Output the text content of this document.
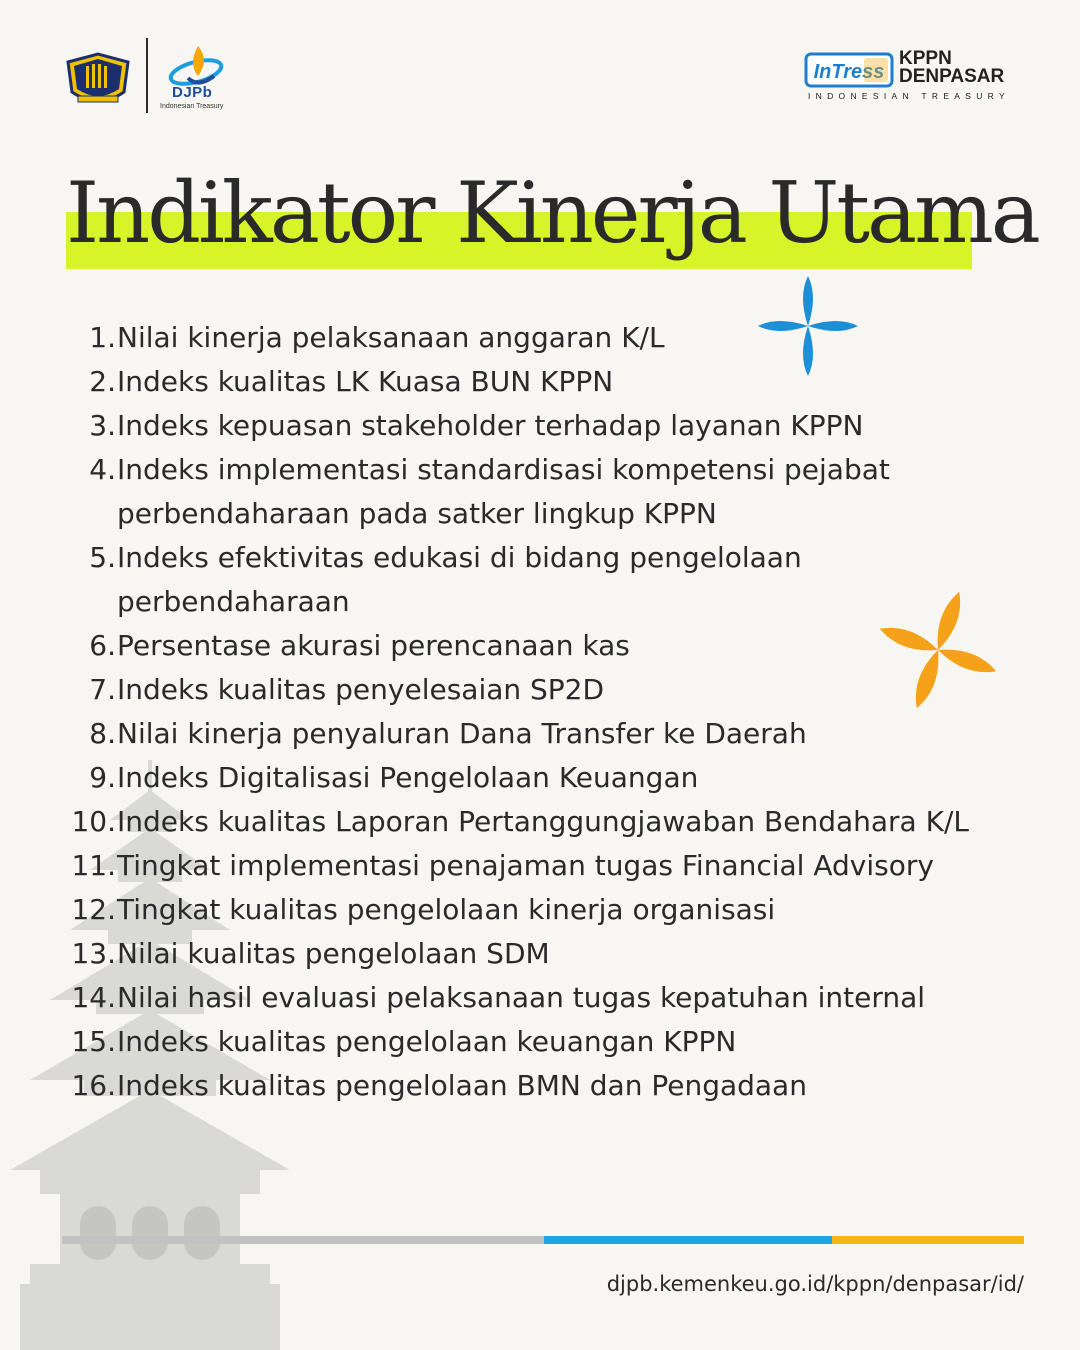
DJPb
Indonesian Treasury
InTress
KPPN DENPASAR
INDONESIAN TREASURY
Indikator Kinerja Utama
1. Nilai kinerja pelaksanaan anggaran K/L
2. Indeks kualitas LK Kuasa BUN KPPN
3. Indeks kepuasan stakeholder terhadap layanan KPPN
4. Indeks implementasi standardisasi kompetensi pejabat perbendaharaan pada satker lingkup KPPN
5. Indeks efektivitas edukasi di bidang pengelolaan perbendaharaan
6. Persentase akurasi perencanaan kas
7. Indeks kualitas penyelesaian SP2D
8. Nilai kinerja penyaluran Dana Transfer ke Daerah
9. Indeks Digitalisasi Pengelolaan Keuangan
10. Indeks kualitas Laporan Pertanggungjawaban Bendahara K/L
11. Tingkat implementasi penajaman tugas Financial Advisory
12. Tingkat kualitas pengelolaan kinerja organisasi
13. Nilai kualitas pengelolaan SDM
14. Nilai hasil evaluasi pelaksanaan tugas kepatuhan internal
15. Indeks kualitas pengelolaan keuangan KPPN
16. Indeks kualitas pengelolaan BMN dan Pengadaan
djpb.kemenkeu.go.id/kppn/denpasar/id/
